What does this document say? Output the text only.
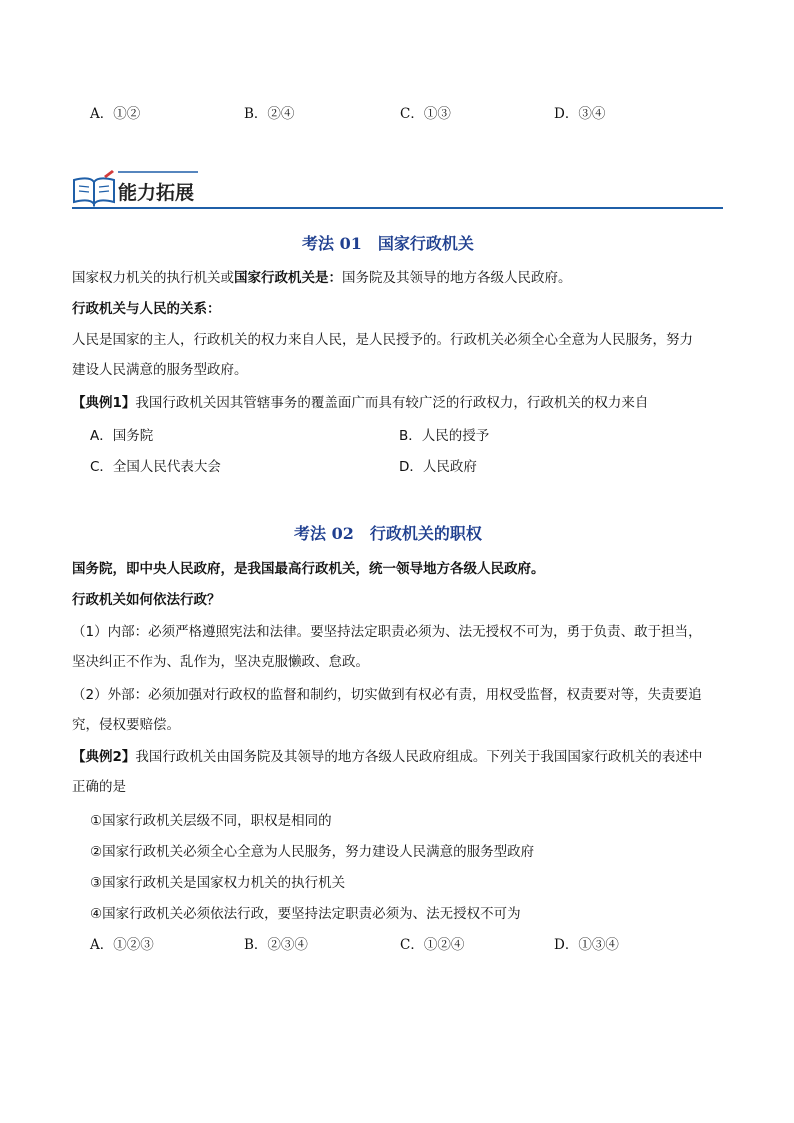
A．①②	B．②④	C．①③	D．③④
能力拓展
考法 01　国家行政机关
国家权力机关的执行机关或国家行政机关是：国务院及其领导的地方各级人民政府。
行政机关与人民的关系：
人民是国家的主人，行政机关的权力来自人民，是人民授予的。行政机关必须全心全意为人民服务，努力
建设人民满意的服务型政府。
【典例1】我国行政机关因其管辖事务的覆盖面广而具有较广泛的行政权力，行政机关的权力来自
A．国务院	B．人民的授予
C．全国人民代表大会	D．人民政府
考法 02　行政机关的职权
国务院，即中央人民政府，是我国最高行政机关，统一领导地方各级人民政府。
行政机关如何依法行政？
（1）内部：必须严格遵照宪法和法律。要坚持法定职责必须为、法无授权不可为，勇于负责、敢于担当，
坚决纠正不作为、乱作为，坚决克服懒政、怠政。
（2）外部：必须加强对行政权的监督和制约，切实做到有权必有责，用权受监督，权责要对等，失责要追
究，侵权要赔偿。
【典例2】我国行政机关由国务院及其领导的地方各级人民政府组成。下列关于我国国家行政机关的表述中
正确的是
①国家行政机关层级不同，职权是相同的
②国家行政机关必须全心全意为人民服务，努力建设人民满意的服务型政府
③国家行政机关是国家权力机关的执行机关
④国家行政机关必须依法行政，要坚持法定职责必须为、法无授权不可为
A．①②③	B．②③④	C．①②④	D．①③④
